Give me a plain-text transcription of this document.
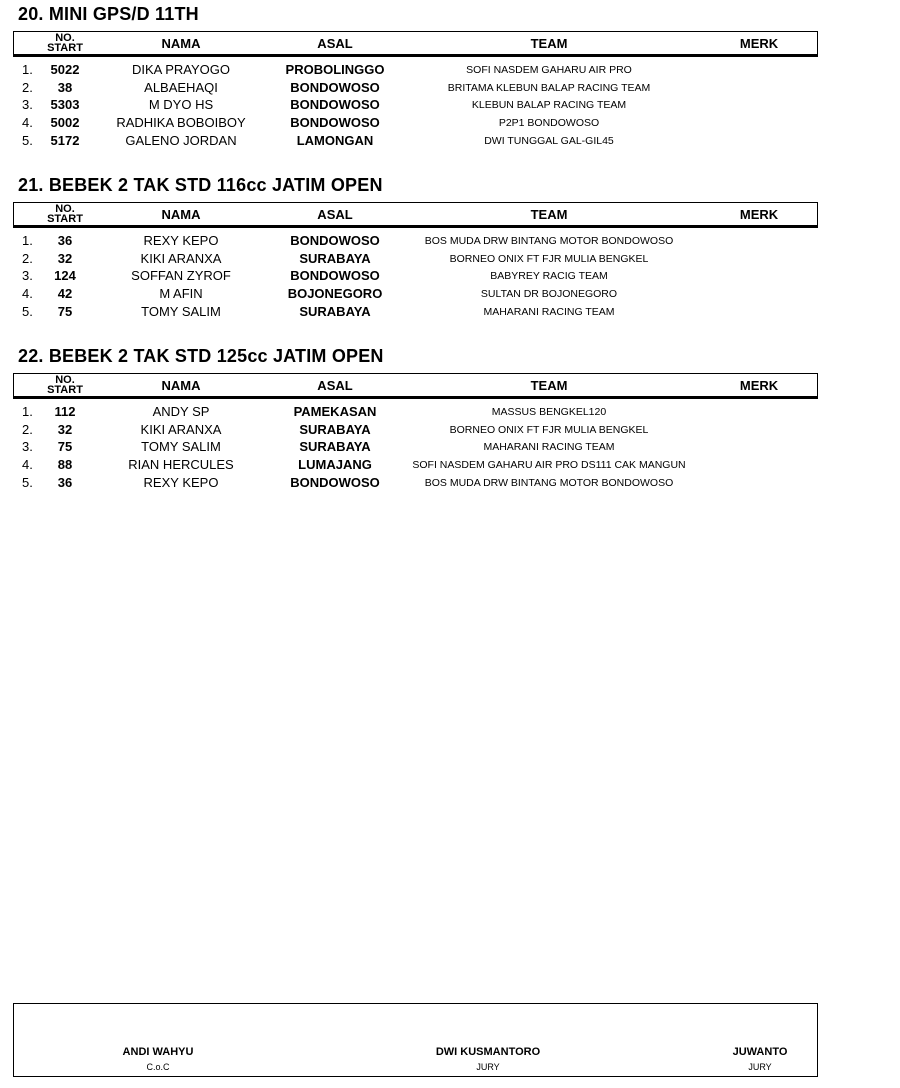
20. MINI GPS/D 11TH
NO.
START	NAMA	ASAL	TEAM	MERK
1. 5022	DIKA PRAYOGO	PROBOLINGGO	SOFI NASDEM GAHARU AIR PRO
2. 38	ALBAEHAQI	BONDOWOSO	BRITAMA KLEBUN BALAP RACING TEAM
3. 5303	M DYO HS	BONDOWOSO	KLEBUN BALAP RACING TEAM
4. 5002	RADHIKA BOBOIBOY	BONDOWOSO	P2P1 BONDOWOSO
5. 5172	GALENO JORDAN	LAMONGAN	DWI TUNGGAL GAL-GIL45
21. BEBEK 2 TAK STD 116cc JATIM OPEN
NO.
START	NAMA	ASAL	TEAM	MERK
1. 36	REXY KEPO	BONDOWOSO	BOS MUDA DRW BINTANG MOTOR BONDOWOSO
2. 32	KIKI ARANXA	SURABAYA	BORNEO ONIX FT FJR MULIA BENGKEL
3. 124	SOFFAN ZYROF	BONDOWOSO	BABYREY RACIG TEAM
4. 42	M AFIN	BOJONEGORO	SULTAN DR BOJONEGORO
5. 75	TOMY SALIM	SURABAYA	MAHARANI RACING TEAM
22. BEBEK 2 TAK STD 125cc JATIM OPEN
NO.
START	NAMA	ASAL	TEAM	MERK
1. 112	ANDY SP	PAMEKASAN	MASSUS BENGKEL120
2. 32	KIKI ARANXA	SURABAYA	BORNEO ONIX FT FJR MULIA BENGKEL
3. 75	TOMY SALIM	SURABAYA	MAHARANI RACING TEAM
4. 88	RIAN HERCULES	LUMAJANG	SOFI NASDEM GAHARU AIR PRO DS111 CAK MANGUN
5. 36	REXY KEPO	BONDOWOSO	BOS MUDA DRW BINTANG MOTOR BONDOWOSO
ANDI WAHYU
C.o.C
DWI KUSMANTORO
JURY
JUWANTO
JURY
